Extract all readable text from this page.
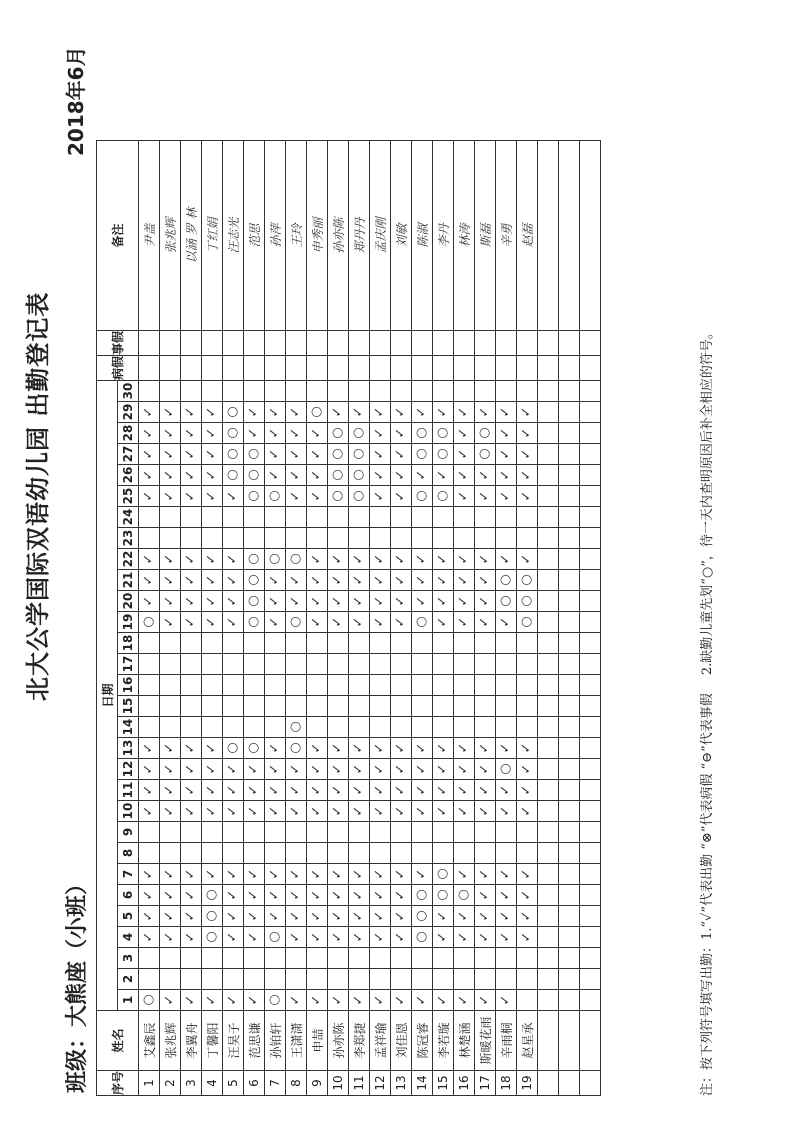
北大公学国际双语幼儿园 出勤登记表
班级：大熊座（小班）
2018年6月
序号	姓名	日期																														病假	事假	备注
		1	2	3	4	5	6	7	8	9	10	11	12	13	14	15	16	17	18	19	20	21	22	23	24	25	26	27	28	29	30			
1	艾鑫辰	○			✓	✓	✓	✓			✓	✓	✓	✓						○	✓	✓	✓			✓	✓	✓	✓	✓				尹盖
2	张兆辉	✓			✓	✓	✓	✓			✓	✓	✓	✓						✓	✓	✓	✓			✓	✓	✓	✓	✓				张兆辉
3	李翼舟	✓			✓	✓	✓	✓			✓	✓	✓	✓						✓	✓	✓	✓			✓	✓	✓	✓	✓				以涵 罗 林
4	丁馨阳	✓			○	○	○	✓			✓	✓	✓	✓						✓	✓	✓	✓			✓	✓	✓	✓	✓				丁红娟
5	汪昊子	✓			✓	✓	✓	✓			✓	✓	✓	○						✓	✓	✓	✓			✓	○	○	○	○				汪志光
6	范思谦	✓			✓	✓	✓	✓			✓	✓	✓	○						○	○	○	○			○	○	○	✓	✓				范思
7	孙铂轩	○			○	✓	✓	✓			✓	✓	✓	✓						✓	✓	✓	○			○	✓	✓	✓	✓				孙萍
8	王潇潇	✓			✓	✓	✓	✓			✓	✓	✓	○	○					○	✓	✓	○			✓	✓	✓	✓	✓				王玲
9	申喆	✓			✓	✓	✓	✓			✓	✓	✓	✓						✓	✓	✓	✓			✓	✓	✓	✓	○				申秀丽
10	孙亦陈	✓			✓	✓	✓	✓			✓	✓	✓	✓						✓	✓	✓	✓			○	○	○	○	✓				孙亦陈
11	李郑捷	✓			✓	✓	✓	✓			✓	✓	✓	✓						✓	✓	✓	✓			○	○	○	○	✓				郑丹丹
12	孟祥瑜	✓			✓	✓	✓	✓			✓	✓	✓	✓						✓	✓	✓	✓			✓	✓	✓	✓	✓				孟庆刚
13	刘佳恩	✓			✓	✓	✓	✓			✓	✓	✓	✓						✓	✓	✓	✓			✓	✓	✓	✓	✓				刘敏
14	陈冠睿	✓			○	○	○	✓			✓	✓	✓	✓						○	✓	✓	✓			○	✓	○	○	✓				陈淑
15	李若璇	✓			✓	✓	○	○			✓	✓	✓	✓						✓	✓	✓	✓			○	✓	○	○	✓				李丹
16	林楚涵	✓			✓	✓	○	✓			✓	✓	✓	✓						✓	✓	✓	✓			✓	✓	✓	✓	✓				林涛
17	斯暖花雨	✓			✓	✓	✓	✓			✓	✓	✓	✓						✓	✓	✓	✓			✓	✓	○	○	✓				斯磊
18	辛雨桐	✓			✓	✓	✓	✓			✓	✓	○	✓						✓	○	○	✓			✓	✓	✓	✓	✓				辛勇
19	赵星承				✓	✓	✓	✓			✓	✓	✓	✓						○	○	○	✓			✓	✓	✓	✓	✓				赵磊

注：按下列符号填写出勤：1.“✓”代表出勤 “⊗”代表病假 “⊖”代表事假 2.缺勤儿童先划“○”，待一天内查明原因后补全相应的符号。
